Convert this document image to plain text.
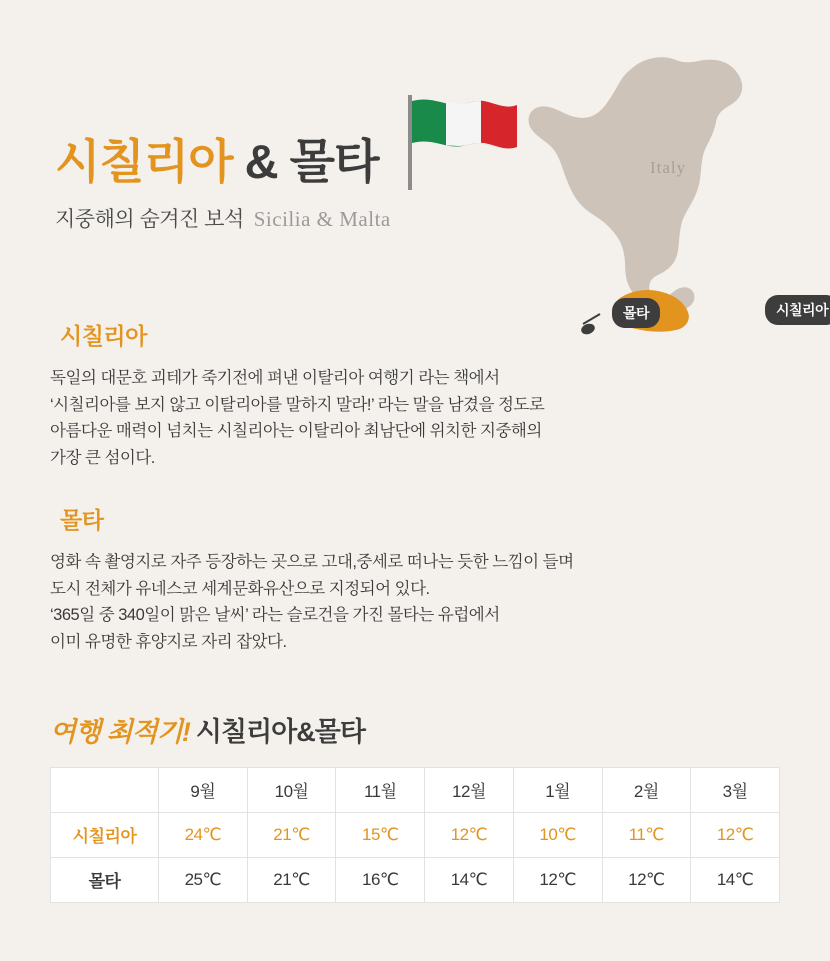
시칠리아 & 몰타

지중해의 숨겨진 보석 Sicilia & Malta

Italy
몰타	시칠리아
시칠리아

독일의 대문호 괴테가 죽기전에 펴낸 이탈리아 여행기 라는 책에서
‘시칠리아를 보지 않고 이탈리아를 말하지 말라!’ 라는 말을 남겼을 정도로
아름다운 매력이 넘치는 시칠리아는 이탈리아 최남단에 위치한 지중해의
가장 큰 섬이다.

몰타

영화 속 촬영지로 자주 등장하는 곳으로 고대,중세로 떠나는 듯한 느낌이 들며
도시 전체가 유네스코 세계문화유산으로 지정되어 있다.
‘365일 중 340일이 맑은 날씨’ 라는 슬로건을 가진 몰타는 유럽에서
이미 유명한 휴양지로 자리 잡았다.

여행 최적기! 시칠리아&몰타
	9월	10월	11월	12월	1월	2월	3월
시칠리아	24℃	21℃	15℃	12℃	10℃	11℃	12℃
몰타	25℃	21℃	16℃	14℃	12℃	12℃	14℃
